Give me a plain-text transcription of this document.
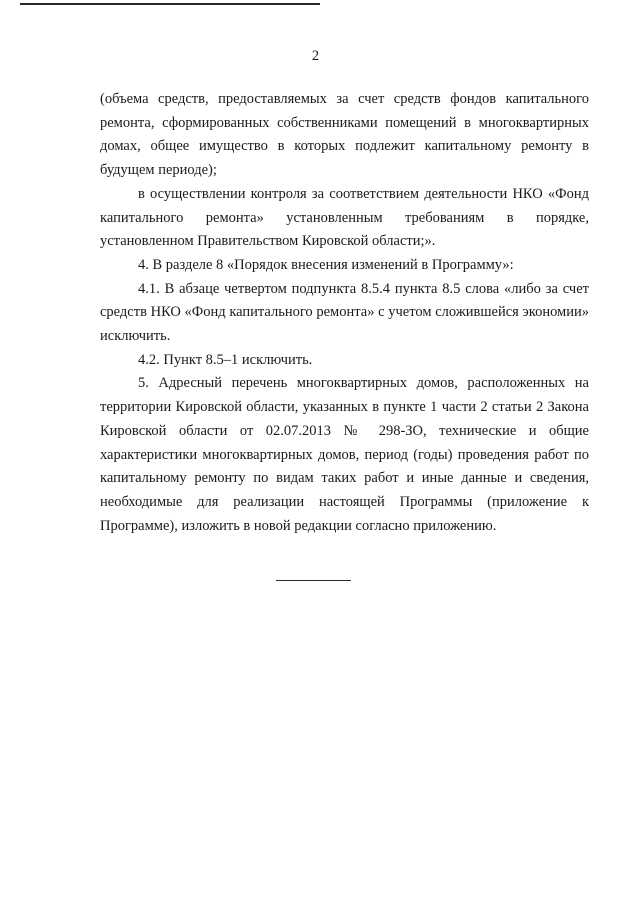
2

(объема средств, предоставляемых за счет средств фондов капитального ремонта, сформированных собственниками помещений в многоквартирных домах, общее имущество в которых подлежит капитальному ремонту в будущем периоде);

в осуществлении контроля за соответствием деятельности НКО «Фонд капитального ремонта» установленным требованиям в порядке, установленном Правительством Кировской области;».

4. В разделе 8 «Порядок внесения изменений в Программу»:

4.1. В абзаце четвертом подпункта 8.5.4 пункта 8.5 слова «либо за счет средств НКО «Фонд капитального ремонта» с учетом сложившейся экономии» исключить.

4.2. Пункт 8.5–1 исключить.

5. Адресный перечень многоквартирных домов, расположенных на территории Кировской области, указанных в пункте 1 части 2 статьи 2 Закона Кировской области от 02.07.2013 № 298-ЗО, технические и общие характеристики многоквартирных домов, период (годы) проведения работ по капитальному ремонту по видам таких работ и иные данные и сведения, необходимые для реализации настоящей Программы (приложение к Программе), изложить в новой редакции согласно приложению.
